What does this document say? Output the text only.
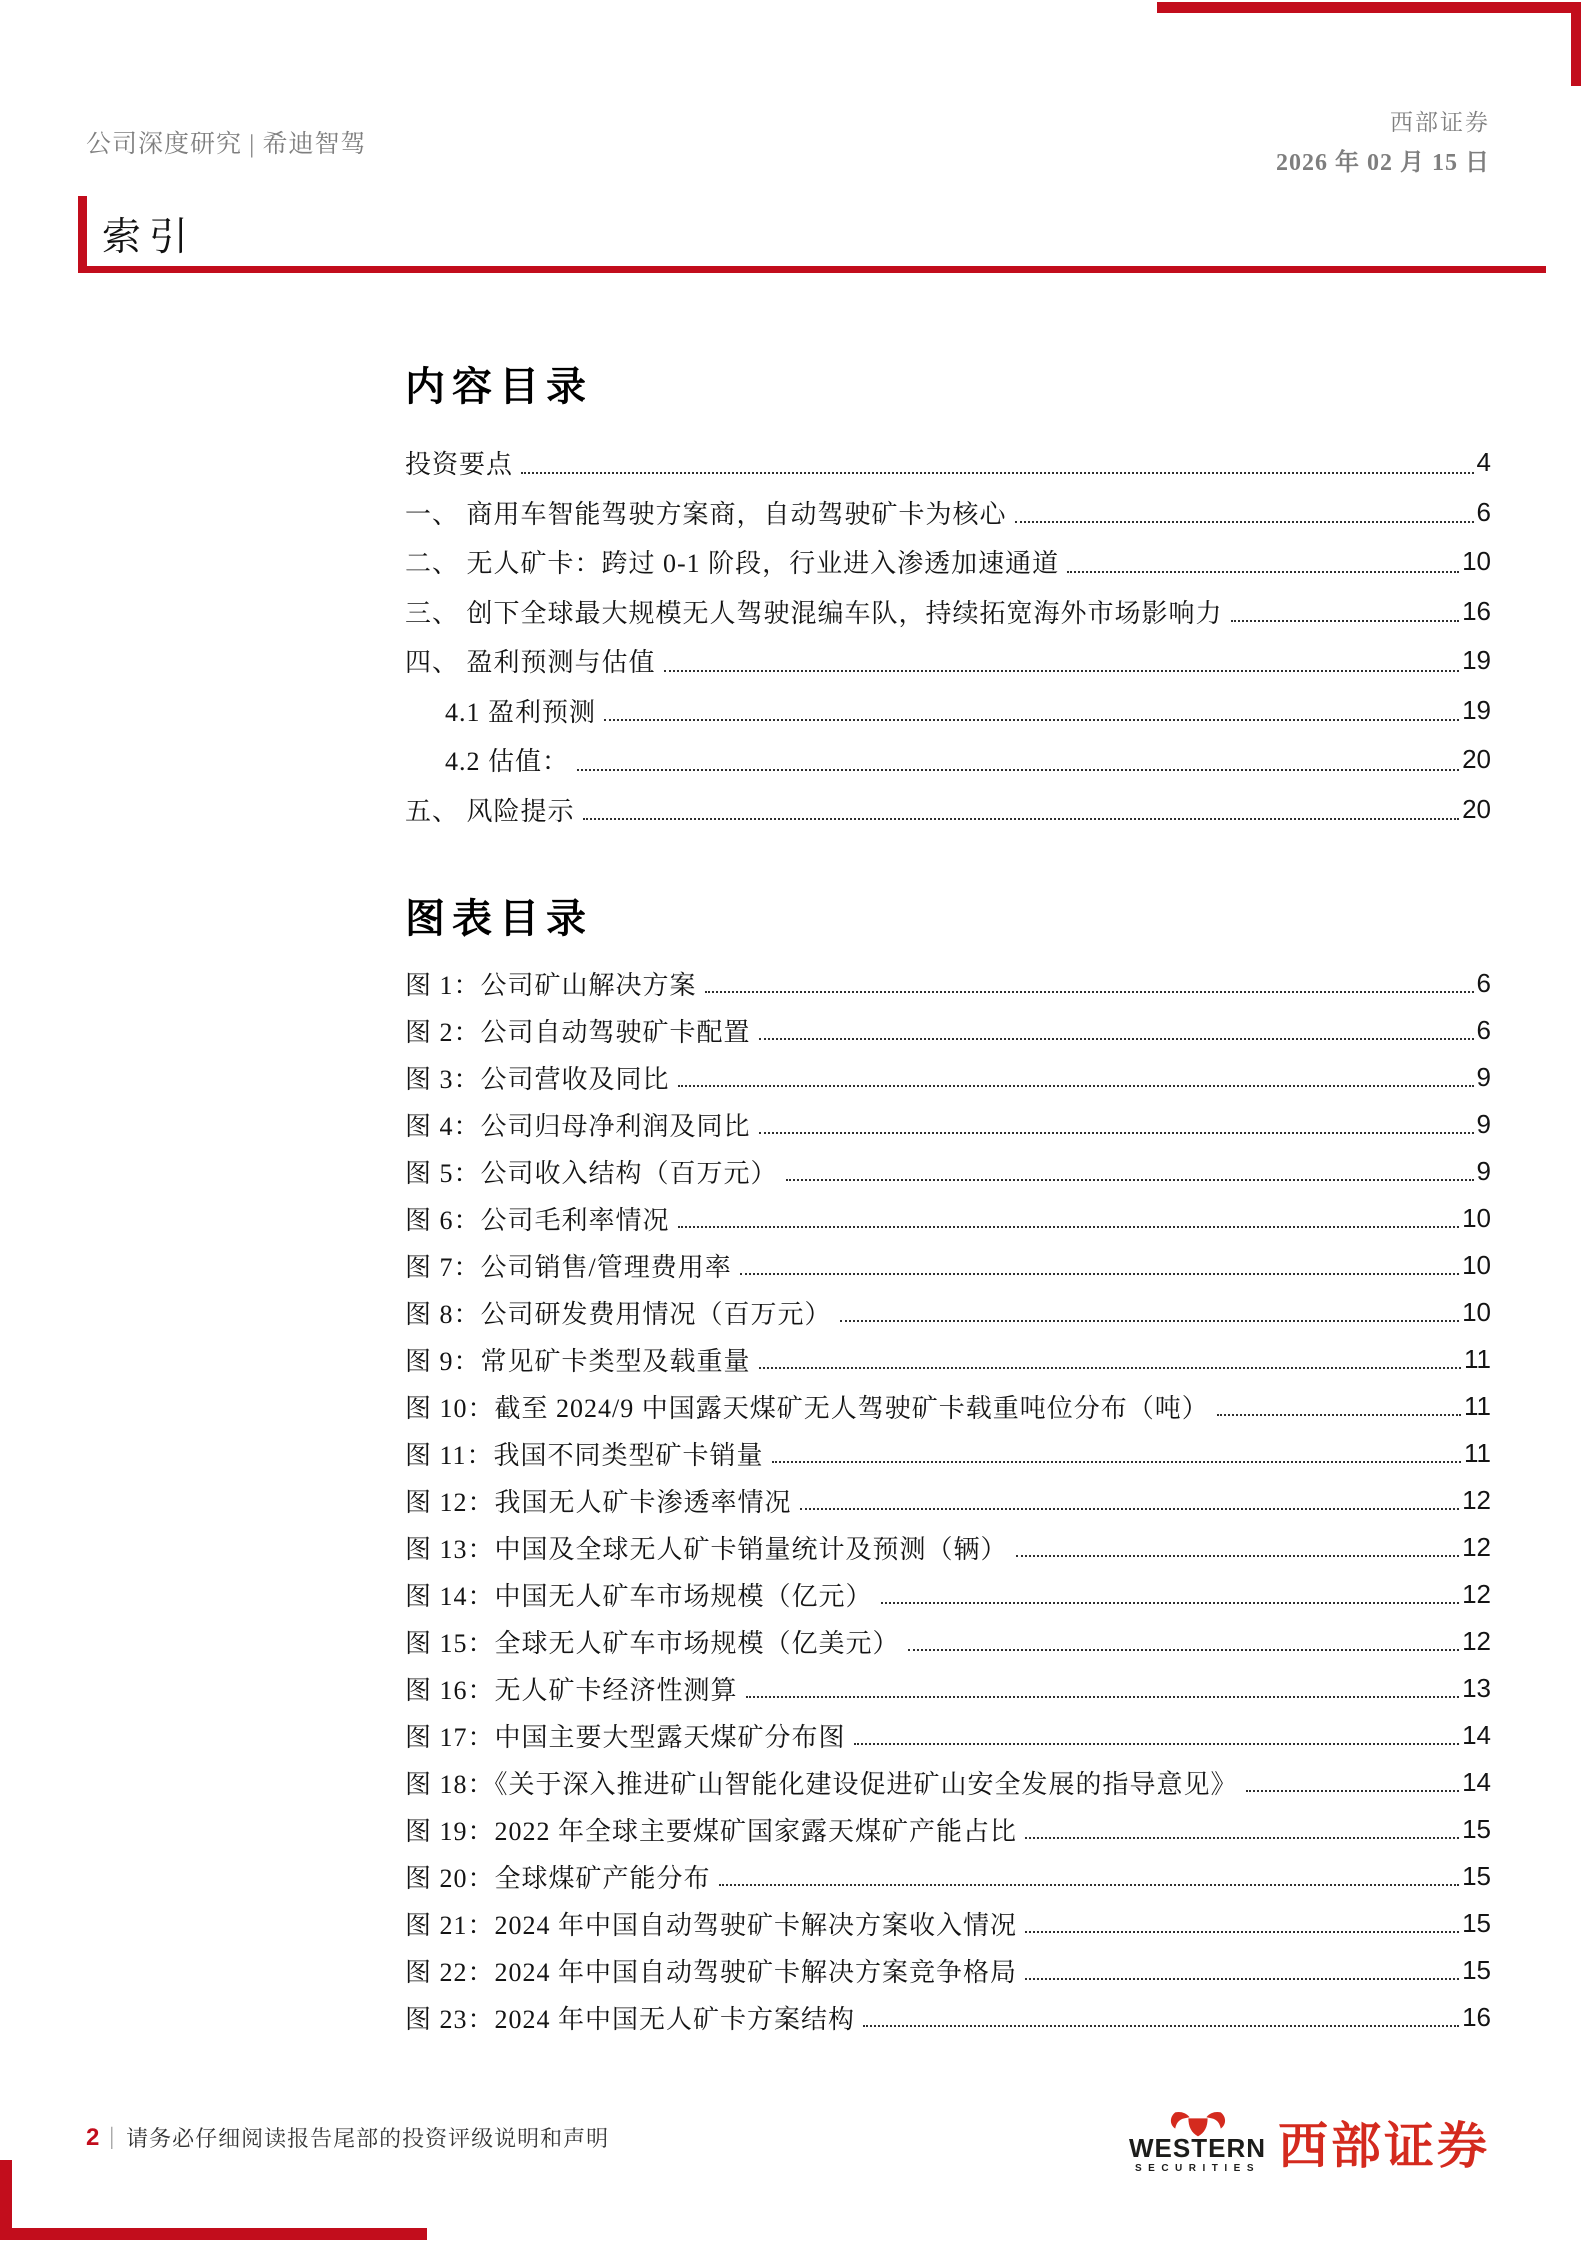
公司深度研究 | 希迪智驾
西部证券
2026 年 02 月 15 日
索引
内容目录
投资要点	4
一、 商用车智能驾驶方案商，自动驾驶矿卡为核心	6
二、 无人矿卡：跨过 0-1 阶段，行业进入渗透加速通道	10
三、 创下全球最大规模无人驾驶混编车队，持续拓宽海外市场影响力	16
四、 盈利预测与估值	19
4.1 盈利预测	19
4.2 估值：	20
五、 风险提示	20
图表目录
图 1：公司矿山解决方案	6
图 2：公司自动驾驶矿卡配置	6
图 3：公司营收及同比	9
图 4：公司归母净利润及同比	9
图 5：公司收入结构（百万元）	9
图 6：公司毛利率情况	10
图 7：公司销售/管理费用率	10
图 8：公司研发费用情况（百万元）	10
图 9：常见矿卡类型及载重量	11
图 10：截至 2024/9 中国露天煤矿无人驾驶矿卡载重吨位分布（吨）	11
图 11：我国不同类型矿卡销量	11
图 12：我国无人矿卡渗透率情况	12
图 13：中国及全球无人矿卡销量统计及预测（辆）	12
图 14：中国无人矿车市场规模（亿元）	12
图 15：全球无人矿车市场规模（亿美元）	12
图 16：无人矿卡经济性测算	13
图 17：中国主要大型露天煤矿分布图	14
图 18：《关于深入推进矿山智能化建设促进矿山安全发展的指导意见》	14
图 19：2022 年全球主要煤矿国家露天煤矿产能占比	15
图 20：全球煤矿产能分布	15
图 21：2024 年中国自动驾驶矿卡解决方案收入情况	15
图 22：2024 年中国自动驾驶矿卡解决方案竞争格局	15
图 23：2024 年中国无人矿卡方案结构	16
2 | 请务必仔细阅读报告尾部的投资评级说明和声明	WESTERN
SECURITIES 西部证券
